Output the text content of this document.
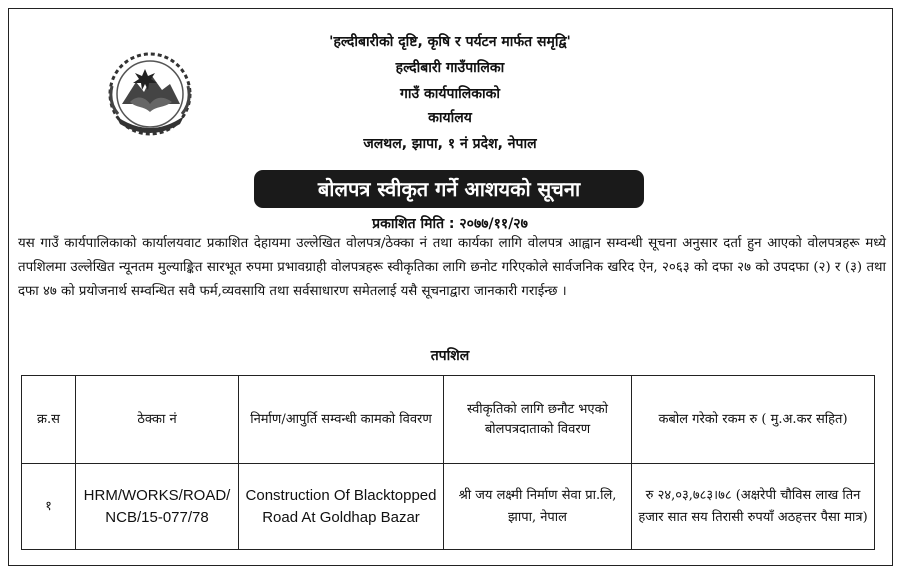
'हल्दीबारीको दृष्टि, कृषि र पर्यटन मार्फत समृद्वि'
हल्दीबारी गाउँपालिका
गाउँ कार्यपालिकाको
कार्यालय
जलथल, झापा, १ नं प्रदेश, नेपाल
बोलपत्र स्वीकृत गर्ने आशयको सूचना
प्रकाशित मिति : २०७७/११/२७
यस गाउँ कार्यपालिकाको कार्यालयवाट प्रकाशित देहायमा उल्लेखित वोलपत्र/ठेक्का नं तथा कार्यका लागि वोलपत्र आह्वान सम्वन्धी सूचना अनुसार दर्ता हुन आएको वोलपत्रहरू मध्ये तपशिलमा उल्लेखित न्यूनतम मुल्याङ्कित सारभूत रुपमा प्रभावग्राही वोलपत्रहरू स्वीकृतिका लागि छनोट गरिएकोले सार्वजनिक खरिद ऐन, २०६३ को दफा २७ को उपदफा (२) र (३) तथा दफा ४७ को प्रयोजनार्थ सम्वन्धित सवै फर्म,व्यवसायि तथा सर्वसाधारण समेतलाई यसै सूचनाद्वारा जानकारी गराईन्छ ।
तपशिल
क्र.स	ठेक्का नं	निर्माण/आपुर्ति सम्वन्धी कामको विवरण	स्वीकृतिको लागि छनौट भएको बोलपत्रदाताको विवरण	कबोल गरेको रकम रु ( मु.अ.कर सहित)
१	HRM/WORKS/ROAD/NCB/15-077/78	Construction Of Blacktopped Road At Goldhap Bazar	श्री जय लक्ष्मी निर्माण सेवा प्रा.लि, झापा, नेपाल	रु २४,०३,७८३।७८ (अक्षरेपी चौविस लाख तिन हजार सात सय तिरासी रुपयाँ अठहत्तर पैसा मात्र)
